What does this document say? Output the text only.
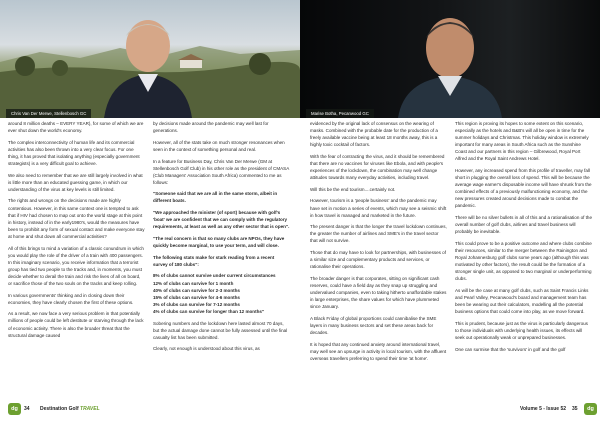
Chris Van Der Merwe, Stellenbosch GC	Marise Botha, Pecanwood GC

around 8 million deaths – EVERY YEAR), for some of which we are ever shut down the world's economy.

The complex interconnectivity of human life and its commercial activities has also been thrown into a very clear focus. For one thing, it has proved that isolating anything (especially government strategists) is a very difficult goal to achieve.

We also need to remember that we are still largely involved in what is little more than an educated guessing game, in which our understanding of the virus at key levels is still limited.

The rights and wrongs on the decisions made are highly contentious. However, in this same context one is tempted to ask that if HIV had chosen to map out onto the world stage at this point in history, instead of in the early1980's, would the measures have been to prohibit any form of sexual contact and make everyone stay at home and shut down all commercial activities?

All of this brings to mind a variation of a classic conundrum in which you would play the role of the driver of a train with 400 passengers. In this imaginary scenario, you receive information that a terrorist group has tied two people to the tracks and, in moments, you must decide whether to derail the train and risk the lives of all on board, or sacrifice those of the two souls on the tracks and keep rolling.

In various governments' thinking and in closing down their economies, they have clearly chosen the first of these options.

As a result, we now face a very serious problem in that potentially millions of people could be left destitute or starving through the lack of economic activity. There is also the broader threat that the structural damage caused

by decisions made around the pandemic may well last for generations.

However, all of the stats take on much stronger resonances when seen in the context of something personal and real.

In a feature for Business Day, Chris Van Der Merwe (GM at Stellenbosch Golf Club) in his other role as the president of CMASA (Club Managers' Association South Africa) commented to me as follows:

"Someone said that we are all in the same storm, albeit in different boats.

"We approached the minister (of sport) because with golf's 'boat' we are confident that we can comply with the regulatory requirements, at least as well as any other sector that is open".

"The real concern is that so many clubs are NPOs, they have quickly become marginal, to use your term, and will close.

The following stats make for stark reading from a recent survey of 180 clubs":

8% of clubs cannot survive under current circumstances
12% of clubs can survive for 1 month
40% of clubs can survive for 2-3 months
15% of clubs can survive for 4-6 months
3% of clubs can survive for 7-12 months
4% of clubs can survive for longer than 12 months"

Sobering numbers and the lockdown here lasted almost 70 days, but the actual damage done cannot be fully assessed until the final casualty list has been submitted.

Clearly, not enough is understood about this virus, as

evidenced by the original lack of consensus on the wearing of masks. Combined with the probable date for the production of a freely available vaccine being at least 18 months away, this is a highly toxic cocktail of factors.

With the fear of contracting the virus, and it should be remembered that there are no vaccines for viruses like Ebola, and with people's experiences of the lockdown, the combination may well change attitudes towards many everyday activities, including travel.

Will this be the end tourism....certainly not.

However, tourism is a 'people business' and the pandemic may have set in motion a series of events, which may see a seismic shift in how travel is managed and marketed in the future.

The present danger is that the longer the travel lockdown continues, the greater the number of airlines and SME's in the travel sector that will not survive.

Those that do may have to look for partnerships, with businesses of a similar size and complementary products and services, or rationalise their operations.

The broader danger is that corporates, sitting on significant cash reserves, could have a field day as they snap up struggling and undervalued companies, even to taking hitherto unaffordable stakes in large enterprises, the share values for which have plummeted since January.

A Black Friday of global proportions could cannibalise the SME layers in many business sectors and set these areas back for decades.

It is hoped that any continued anxiety around international travel, may well see an upsurge in activity in local tourism, with the affluent overseas travellers preferring to spend their time 'at home'.

This region is proving its hopes to some extent on this scenario, especially as the hotels and B&B's will all be open in time for the summer holidays and Christmas. This holiday window is extremely important for many areas in South Africa such as the Sunshine Coast and our partners in this region – Gilbrewood, Royal Port Alfred and the Royal Saint Andrews Hotel.

However, any increased spend from this profile of traveller, may fall short in plugging the overall loss of spend. This will be because the average wage earner's disposable income will have shrunk from the combined effects of a previously malfunctioning economy, and the new pressures created around decisions made to combat the pandemic.

There will be no silver bullets in all of this and a rationalisation of the overall number of golf clubs, airlines and travel business will probably be inevitable.

This could prove to be a positive outcome and where clubs combine their resources, similar to the merger between the Rainington and Royal Johannesburg golf clubs some years ago (although this was motivated by other factors), the result could be the formation of a stronger single unit, as opposed to two marginal or underperforming clubs.

As will be the case at many golf clubs, such as Saint Francis Links and Pearl Valley, Pecanwood's board and management team has been be wearing out their calculators, modelling all the potential business options that could come into play, as we move forward.

This is prudent, because just as the virus is particularly dangerous to those individuals with underlying health issues, its effects will seek out operationally weak or unprepared businesses.

One can surmise that the 'survivors' in golf and the golf

dg	34 Destination Golf TRAVEL	Volume 5 - Issue 52 35	dg
